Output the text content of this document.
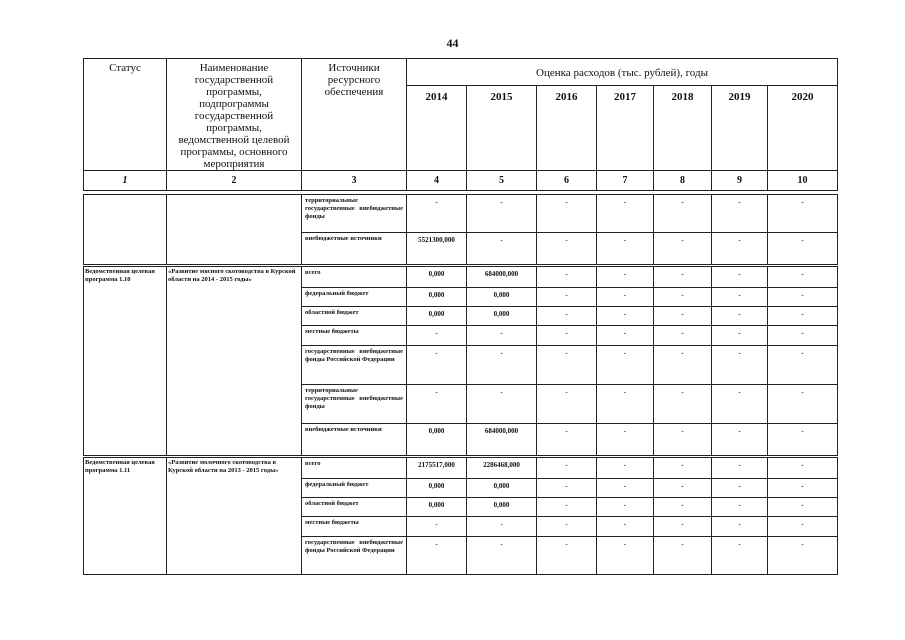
44
Статус	Наименование государственной программы, подпрограммы государственной программы, ведомственной целевой программы, основного мероприятия	Источники ресурсного обеспечения	Оценка расходов (тыс. рублей), годы						
			2014	2015	2016	2017	2018	2019	2020
1	2	3	4	5	6	7	8	9	10

		территориальные государственные внебюджетные фонды	-	-	-	-	-	-	-
		внебюджетные источники	5521300,000	-	-	-	-	-	-

Ведомственная целевая программа 1.10	«Развитие мясного скотоводства в Курской области на 2014 - 2015 годы»	всего	0,000	684000,000	-	-	-	-	-
		федеральный бюджет	0,000	0,000	-	-	-	-	-
		областной бюджет	0,000	0,000	-	-	-	-	-
		местные бюджеты	-	-	-	-	-	-	-
		государственные внебюджетные фонды Российской Федерации	-	-	-	-	-	-	-
		территориальные государственные внебюджетные фонды	-	-	-	-	-	-	-
		внебюджетные источники	0,000	684000,000	-	-	-	-	-

Ведомственная целевая программа 1.11	«Развитие молочного скотоводства в Курской области на 2013 - 2015 годы»	всего	2175517,000	2286468,000	-	-	-	-	-
		федеральный бюджет	0,000	0,000	-	-	-	-	-
		областной бюджет	0,000	0,000	-	-	-	-	-
		местные бюджеты	-	-	-	-	-	-	-
		государственные внебюджетные фонды Российской Федерации	-	-	-	-	-	-	-
